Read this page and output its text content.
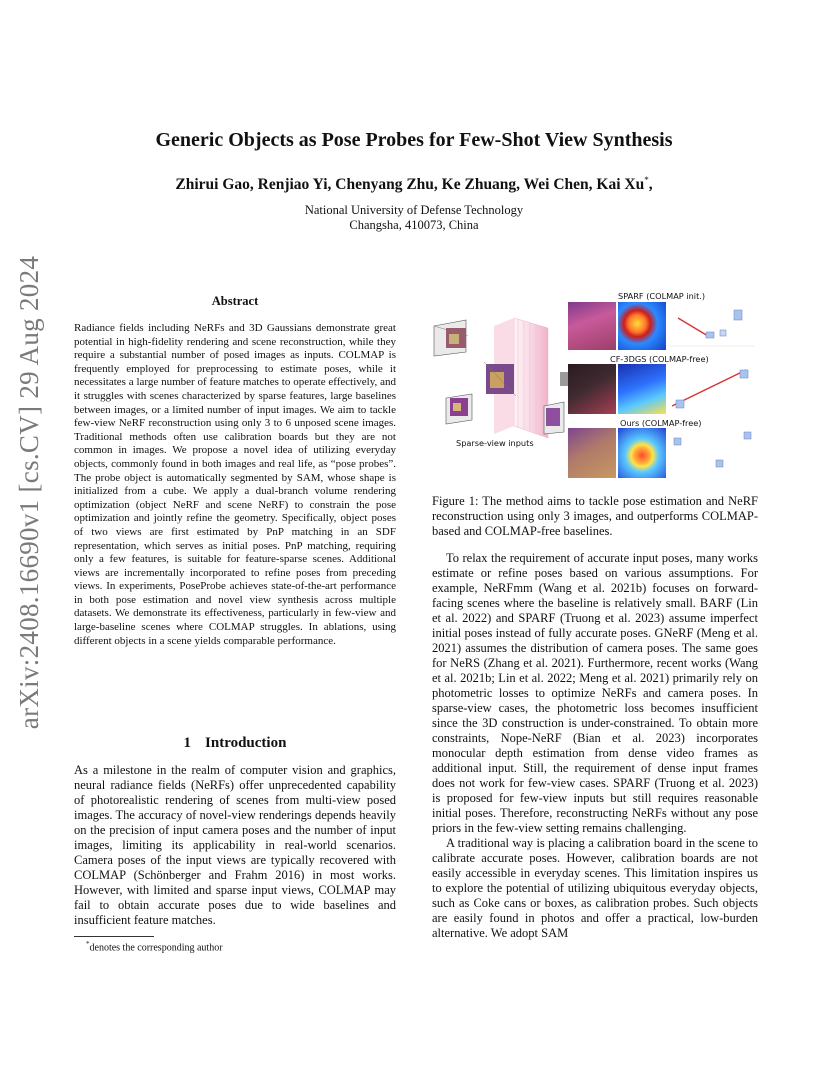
arXiv:2408.16690v1 [cs.CV] 29 Aug 2024
Generic Objects as Pose Probes for Few-Shot View Synthesis
Zhirui Gao, Renjiao Yi, Chenyang Zhu, Ke Zhuang, Wei Chen, Kai Xu*,
National University of Defense Technology
Changsha, 410073, China
Abstract

Radiance fields including NeRFs and 3D Gaussians demonstrate great potential in high-fidelity rendering and scene reconstruction, while they require a substantial number of posed images as inputs. COLMAP is frequently employed for preprocessing to estimate poses, while it necessitates a large number of feature matches to operate effectively, and it struggles with scenes characterized by sparse features, large baselines between images, or a limited number of input images. We aim to tackle few-view NeRF reconstruction using only 3 to 6 unposed scene images. Traditional methods often use calibration boards but they are not common in images. We propose a novel idea of utilizing everyday objects, commonly found in both images and real life, as “pose probes”. The probe object is automatically segmented by SAM, whose shape is initialized from a cube. We apply a dual-branch volume rendering optimization (object NeRF and scene NeRF) to constrain the pose optimization and jointly refine the geometry. Specifically, object poses of two views are first estimated by PnP matching in an SDF representation, which serves as initial poses. PnP matching, requiring only a few features, is suitable for feature-sparse scenes. Additional views are incrementally incorporated to refine poses from preceding views. In experiments, PoseProbe achieves state-of-the-art performance in both pose estimation and novel view synthesis across multiple datasets. We demonstrate its effectiveness, particularly in few-view and large-baseline scenes where COLMAP struggles. In ablations, using different objects in a scene yields comparable performance.

1 Introduction

As a milestone in the realm of computer vision and graphics, neural radiance fields (NeRFs) offer unprecedented capability of photorealistic rendering of scenes from multi-view posed images. The accuracy of novel-view renderings depends heavily on the precision of input camera poses and the number of input images, limiting its applicability in real-world scenarios. Camera poses of the input views are typically recovered with COLMAP (Schönberger and Frahm 2016) in most works. However, with limited and sparse input views, COLMAP may fail to obtain accurate poses due to wide baselines and insufficient feature matches.

*denotes the corresponding author
Sparse-view inputs
SPARF (COLMAP init.)
CF-3DGS (COLMAP-free)
Ours (COLMAP-free)

Figure 1: The method aims to tackle pose estimation and NeRF reconstruction using only 3 images, and outperforms COLMAP-based and COLMAP-free baselines.

To relax the requirement of accurate input poses, many works estimate or refine poses based on various assumptions. For example, NeRFmm (Wang et al. 2021b) focuses on forward-facing scenes where the baseline is relatively small. BARF (Lin et al. 2022) and SPARF (Truong et al. 2023) assume imperfect initial poses instead of fully accurate poses. GNeRF (Meng et al. 2021) assumes the distribution of camera poses. The same goes for NeRS (Zhang et al. 2021). Furthermore, recent works (Wang et al. 2021b; Lin et al. 2022; Meng et al. 2021) primarily rely on photometric losses to optimize NeRFs and camera poses. In sparse-view cases, the photometric loss becomes insufficient since the 3D construction is under-constrained. To obtain more constraints, Nope-NeRF (Bian et al. 2023) incorporates monocular depth estimation from dense video frames as additional input. Still, the requirement of dense input frames does not work for few-view cases. SPARF (Truong et al. 2023) is proposed for few-view inputs but still requires reasonable initial poses. Therefore, reconstructing NeRFs without any pose priors in the few-view setting remains challenging.

A traditional way is placing a calibration board in the scene to calibrate accurate poses. However, calibration boards are not easily accessible in everyday scenes. This limitation inspires us to explore the potential of utilizing ubiquitous everyday objects, such as Coke cans or boxes, as calibration probes. Such objects are easily found in photos and offer a practical, low-burden alternative. We adopt SAM
